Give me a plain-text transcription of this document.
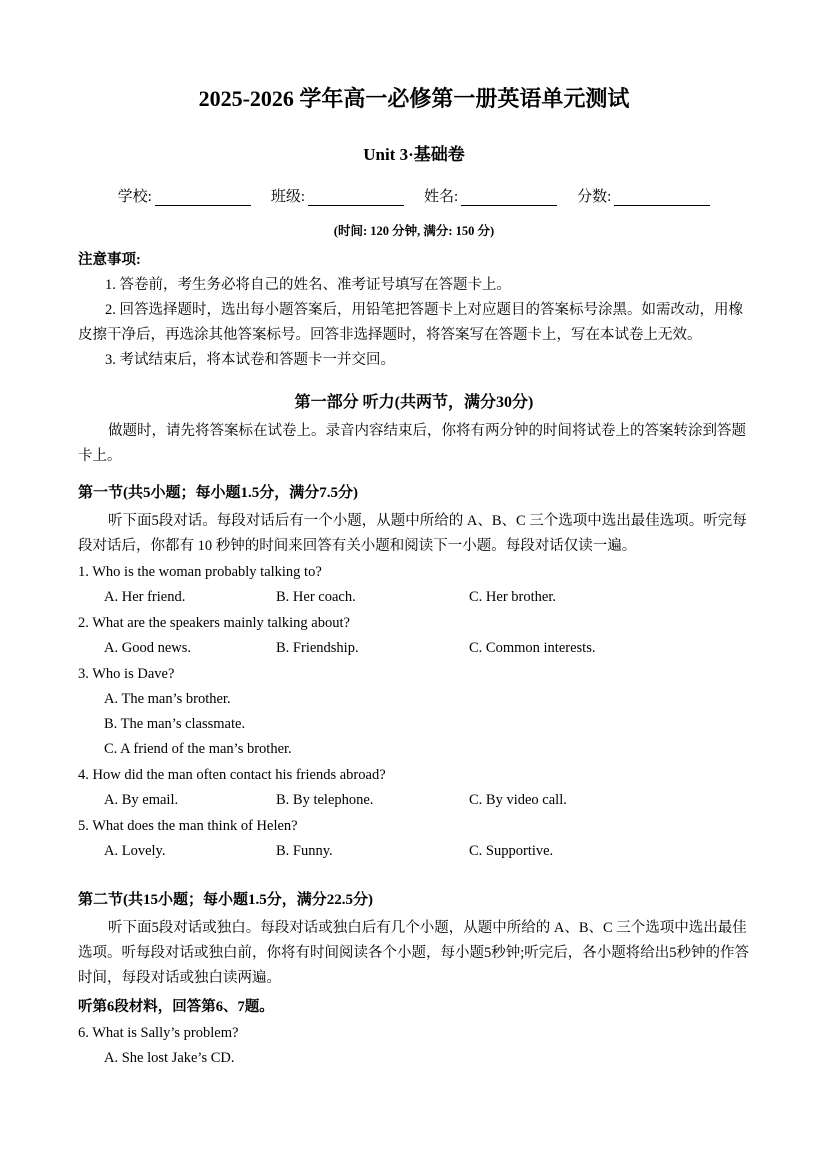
2025-2026 学年高一必修第一册英语单元测试
Unit 3·基础卷
学校:	班级:	姓名:	分数:
(时间: 120 分钟, 满分: 150 分)
注意事项:
1. 答卷前，考生务必将自己的姓名、准考证号填写在答题卡上。
2. 回答选择题时，选出每小题答案后，用铅笔把答题卡上对应题目的答案标号涂黑。如需改动，用橡皮擦干净后，再选涂其他答案标号。回答非选择题时，将答案写在答题卡上，写在本试卷上无效。
3. 考试结束后，将本试卷和答题卡一并交回。
第一部分 听力(共两节，满分30分)
做题时，请先将答案标在试卷上。录音内容结束后，你将有两分钟的时间将试卷上的答案转涂到答题卡上。
第一节(共5小题；每小题1.5分，满分7.5分)
听下面5段对话。每段对话后有一个小题，从题中所给的 A、B、C 三个选项中选出最佳选项。听完每段对话后，你都有 10 秒钟的时间来回答有关小题和阅读下一小题。每段对话仅读一遍。
1. Who is the woman probably talking to?
A. Her friend.	B. Her coach.	C. Her brother.
2. What are the speakers mainly talking about?
A. Good news.	B. Friendship.	C. Common interests.
3. Who is Dave?
A. The man’s brother.
B. The man’s classmate.
C. A friend of the man’s brother.
4. How did the man often contact his friends abroad?
A. By email.	B. By telephone.	C. By video call.
5. What does the man think of Helen?
A. Lovely.	B. Funny.	C. Supportive.
第二节(共15小题；每小题1.5分，满分22.5分)
听下面5段对话或独白。每段对话或独白后有几个小题，从题中所给的 A、B、C 三个选项中选出最佳选项。听每段对话或独白前，你将有时间阅读各个小题，每小题5秒钟;听完后，各小题将给出5秒钟的作答时间，每段对话或独白读两遍。
听第6段材料，回答第6、7题。
6. What is Sally’s problem?
A. She lost Jake’s CD.
